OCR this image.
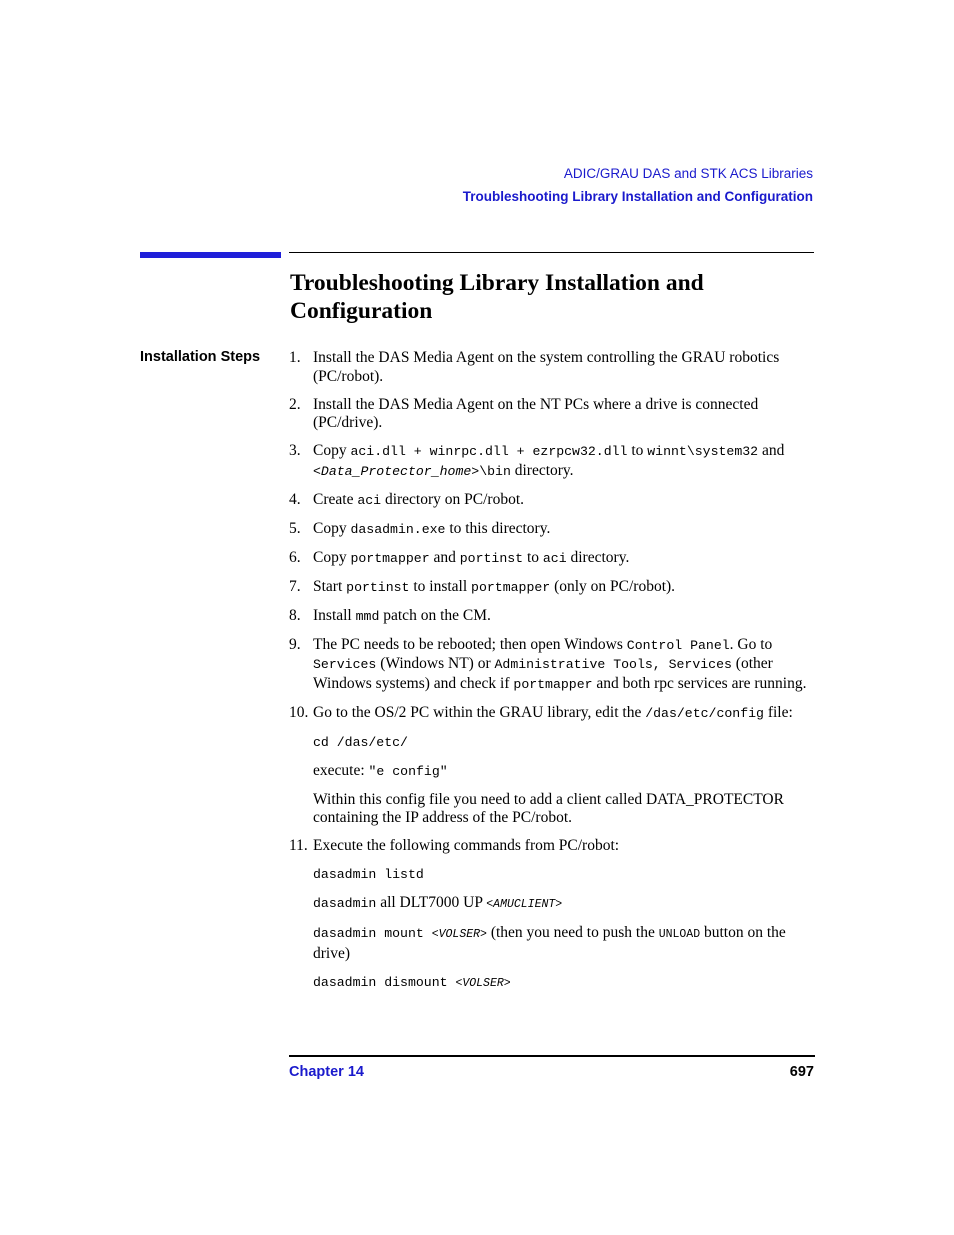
ADIC/GRAU DAS and STK ACS Libraries
Troubleshooting Library Installation and Configuration
Troubleshooting Library Installation and Configuration
Installation Steps 1. Install the DAS Media Agent on the system controlling the GRAU robotics (PC/robot).
2. Install the DAS Media Agent on the NT PCs where a drive is connected (PC/drive).
3. Copy aci.dll + winrpc.dll + ezrpcw32.dll to winnt\system32 and <Data_Protector_home>\bin directory.
4. Create aci directory on PC/robot.
5. Copy dasadmin.exe to this directory.
6. Copy portmapper and portinst to aci directory.
7. Start portinst to install portmapper (only on PC/robot).
8. Install mmd patch on the CM.
9. The PC needs to be rebooted; then open Windows Control Panel. Go to Services (Windows NT) or Administrative Tools, Services (other Windows systems) and check if portmapper and both rpc services are running.
10. Go to the OS/2 PC within the GRAU library, edit the /das/etc/config file:
cd /das/etc/
execute: "e config"
Within this config file you need to add a client called DATA_PROTECTOR containing the IP address of the PC/robot.
11. Execute the following commands from PC/robot:
dasadmin listd
dasadmin all DLT7000 UP <AMUCLIENT>
dasadmin mount <VOLSER> (then you need to push the UNLOAD button on the drive)
dasadmin dismount <VOLSER>
Chapter 14	697
